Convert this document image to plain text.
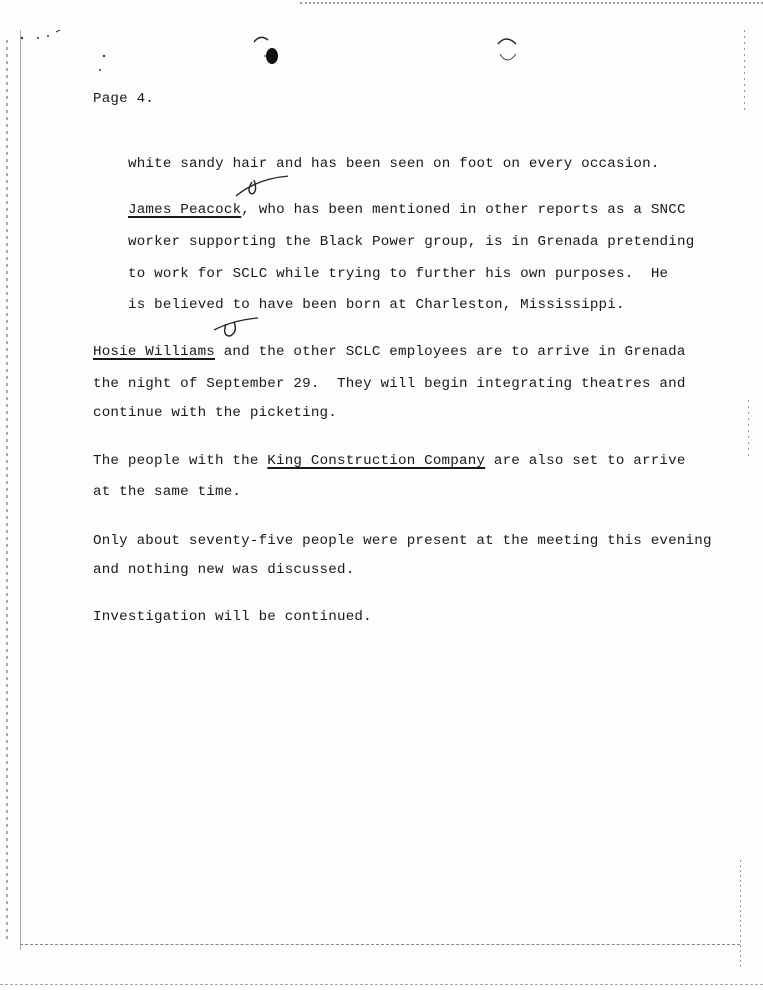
Page 4.

white sandy hair and has been seen on foot on every occasion.

James Peacock, who has been mentioned in other reports as a SNCC

worker supporting the Black Power group, is in Grenada pretending

to work for SCLC while trying to further his own purposes.  He

is believed to have been born at Charleston, Mississippi.

Hosie Williams and the other SCLC employees are to arrive in Grenada

the night of September 29.  They will begin integrating theatres and

continue with the picketing.

The people with the King Construction Company are also set to arrive

at the same time.

Only about seventy-five people were present at the meeting this evening

and nothing new was discussed.

Investigation will be continued.
